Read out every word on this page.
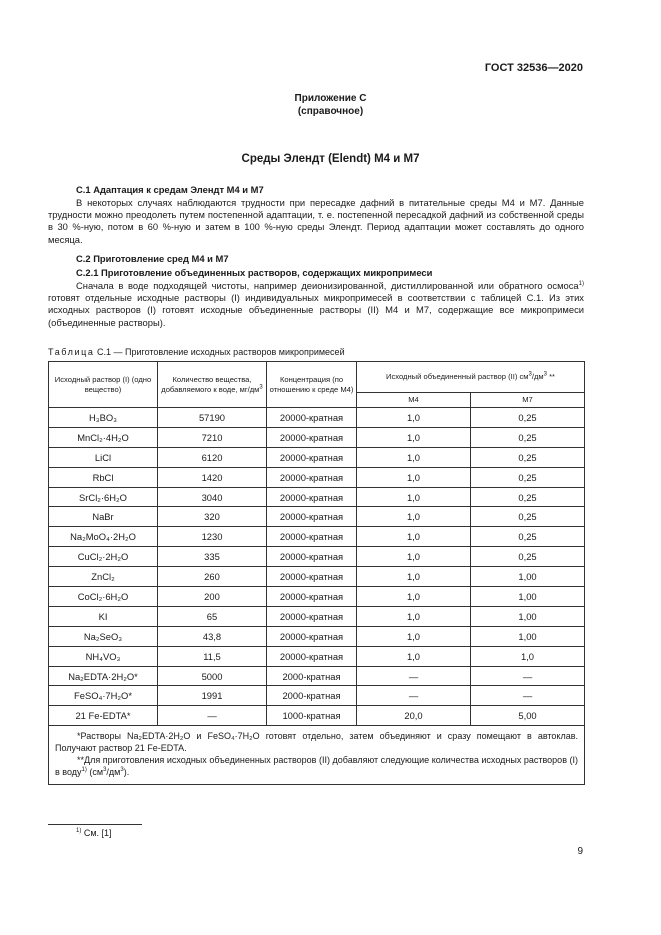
ГОСТ 32536—2020
Приложение С
(справочное)
Среды Элендт (Elendt) М4 и М7
С.1 Адаптация к средам Элендт М4 и М7
В некоторых случаях наблюдаются трудности при пересадке дафний в питательные среды М4 и М7. Данные трудности можно преодолеть путем постепенной адаптации, т. е. постепенной пересадкой дафний из собственной среды в 30 %-ную, потом в 60 %-ную и затем в 100 %-ную среды Элендт. Период адаптации может составлять до одного месяца.
С.2 Приготовление сред М4 и М7
С.2.1 Приготовление объединенных растворов, содержащих микропримеси
Сначала в воде подходящей чистоты, например деионизированной, дистиллированной или обратного осмоса$^{1)}$ готовят отдельные исходные растворы (I) индивидуальных микропримесей в соответствии с таблицей С.1. Из этих исходных растворов (I) готовят исходные объединенные растворы (II) М4 и М7, содержащие все микропримеси (объединенные растворы).
Таблица С.1 — Приготовление исходных растворов микропримесей
Исходный раствор (I) (одно вещество)	Количество вещества, добавляемого к воде, $мг/дм^3$	Концентрация (по отношению к среде М4)	Исходный объединенный раствор (II) $см^3/дм^3$ **	
			М4	М7
H₃BO₃	57190	20000-кратная	1,0	0,25
MnCl₂·4H₂O	7210	20000-кратная	1,0	0,25
LiCl	6120	20000-кратная	1,0	0,25
RbCl	1420	20000-кратная	1,0	0,25
SrCl₂·6H₂O	3040	20000-кратная	1,0	0,25
NaBr	320	20000-кратная	1,0	0,25
Na₂MoO₄·2H₂O	1230	20000-кратная	1,0	0,25
CuCl₂·2H₂O	335	20000-кратная	1,0	0,25
ZnCl₂	260	20000-кратная	1,0	1,00
CoCl₂·6H₂O	200	20000-кратная	1,0	1,00
KI	65	20000-кратная	1,0	1,00
Na₂SeO₃	43,8	20000-кратная	1,0	1,00
NH₄VO₃	11,5	20000-кратная	1,0	1,0
Na₂EDTA·2H₂O*	5000	2000-кратная	—	—
FeSO₄·7H₂O*	1991	2000-кратная	—	—
21 Fe-EDTA*	—	1000-кратная	20,0	5,00

*Растворы Na₂EDTA·2H₂O и FeSO₄·7H₂O готовят отдельно, затем объединяют и сразу помещают в автоклав. Получают раствор 21 Fe-EDTA.

**Для приготовления исходных объединенных растворов (II) добавляют следующие количества исходных растворов (I) в воду$^{1)}$ $(см^3/дм^3)$.				

$^{1)}$ См. [1]
9
